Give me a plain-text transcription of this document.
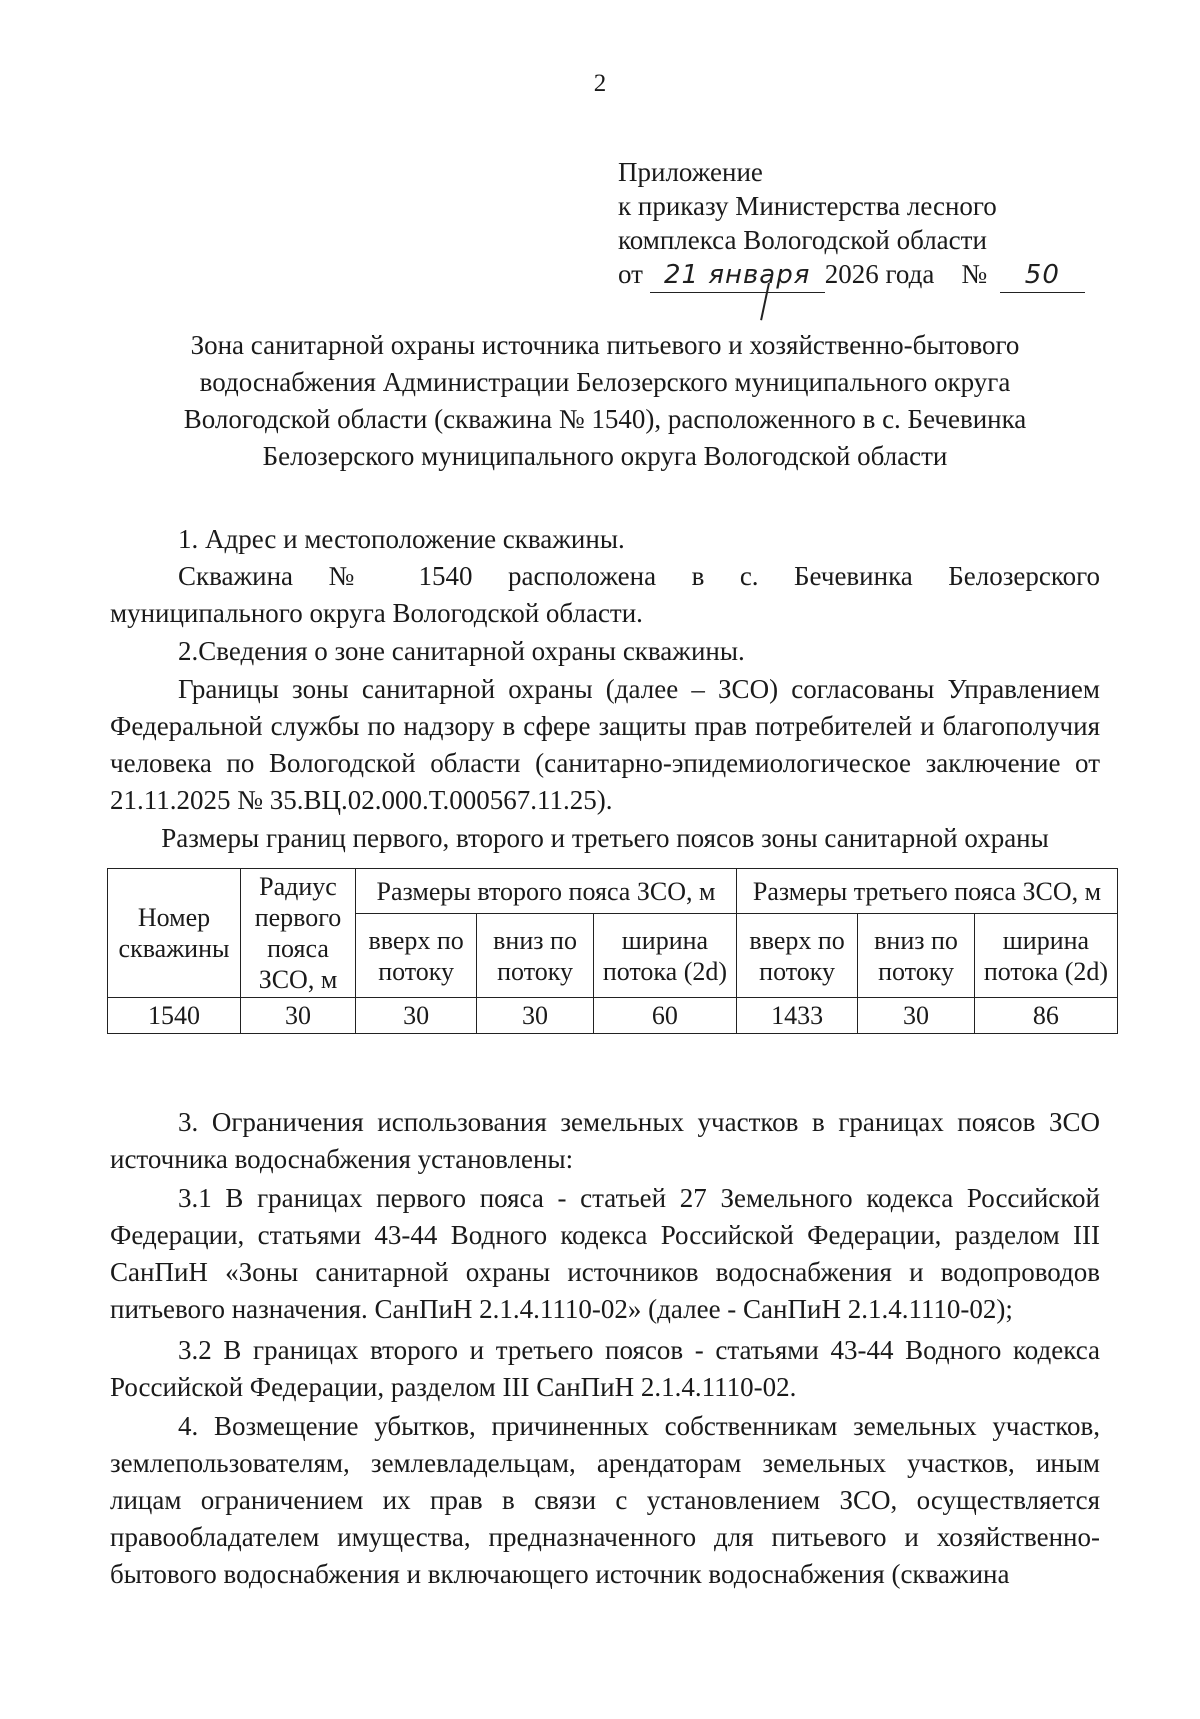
2
Приложение
к приказу Министерства лесного
комплекса Вологодской области
от 21 января 2026 года № 50
Зона санитарной охраны источника питьевого и хозяйственно-бытового
водоснабжения Администрации Белозерского муниципального округа
Вологодской области (скважина № 1540), расположенного в с. Бечевинка
Белозерского муниципального округа Вологодской области
1. Адрес и местоположение скважины.
Скважина № 1540 расположена в с. Бечевинка Белозерского
муниципального округа Вологодской области.
2.Сведения о зоне санитарной охраны скважины.
Границы зоны санитарной охраны (далее – ЗСО) согласованы Управлением Федеральной службы по надзору в сфере защиты прав потребителей и благополучия человека по Вологодской области (санитарно-эпидемиологическое заключение от 21.11.2025 № 35.ВЦ.02.000.Т.000567.11.25).
Размеры границ первого, второго и третьего поясов зоны санитарной охраны
Номер скважины	Радиус первого пояса ЗСО, м	Размеры второго пояса ЗСО, м			Размеры третьего пояса ЗСО, м		

		вверх по потоку	вниз по потоку	ширина потока (2d)	вверх по потоку	вниз по потоку	ширина потока (2d)
1540	30	30	30	60	1433	30	86
3. Ограничения использования земельных участков в границах поясов ЗСО источника водоснабжения установлены:
3.1 В границах первого пояса - статьей 27 Земельного кодекса Российской Федерации, статьями 43-44 Водного кодекса Российской Федерации, разделом III СанПиН «Зоны санитарной охраны источников водоснабжения и водопроводов питьевого назначения. СанПиН 2.1.4.1110-02» (далее - СанПиН 2.1.4.1110-02);
3.2 В границах второго и третьего поясов - статьями 43-44 Водного кодекса Российской Федерации, разделом III СанПиН 2.1.4.1110-02.
4. Возмещение убытков, причиненных собственникам земельных участков, землепользователям, землевладельцам, арендаторам земельных участков, иным лицам ограничением их прав в связи с установлением ЗСО, осуществляется правообладателем имущества, предназначенного для питьевого и хозяйственно-бытового водоснабжения и включающего источник водоснабжения (скважина
